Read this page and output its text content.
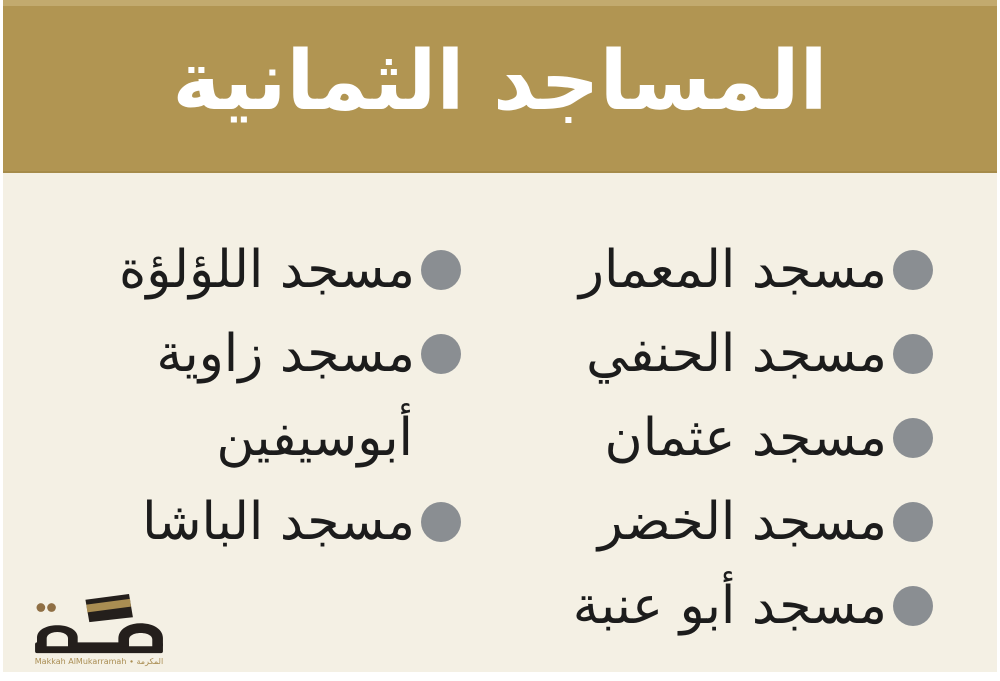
المساجد الثمانية
مسجد المعمار
مسجد الحنفي
مسجد عثمان
مسجد الخضر
مسجد أبو عنبة
مسجد اللؤلؤة
مسجد زاوية
أبوسيفين
مسجد الباشا
Makkah AlMukarramah ∙ المكرمة
